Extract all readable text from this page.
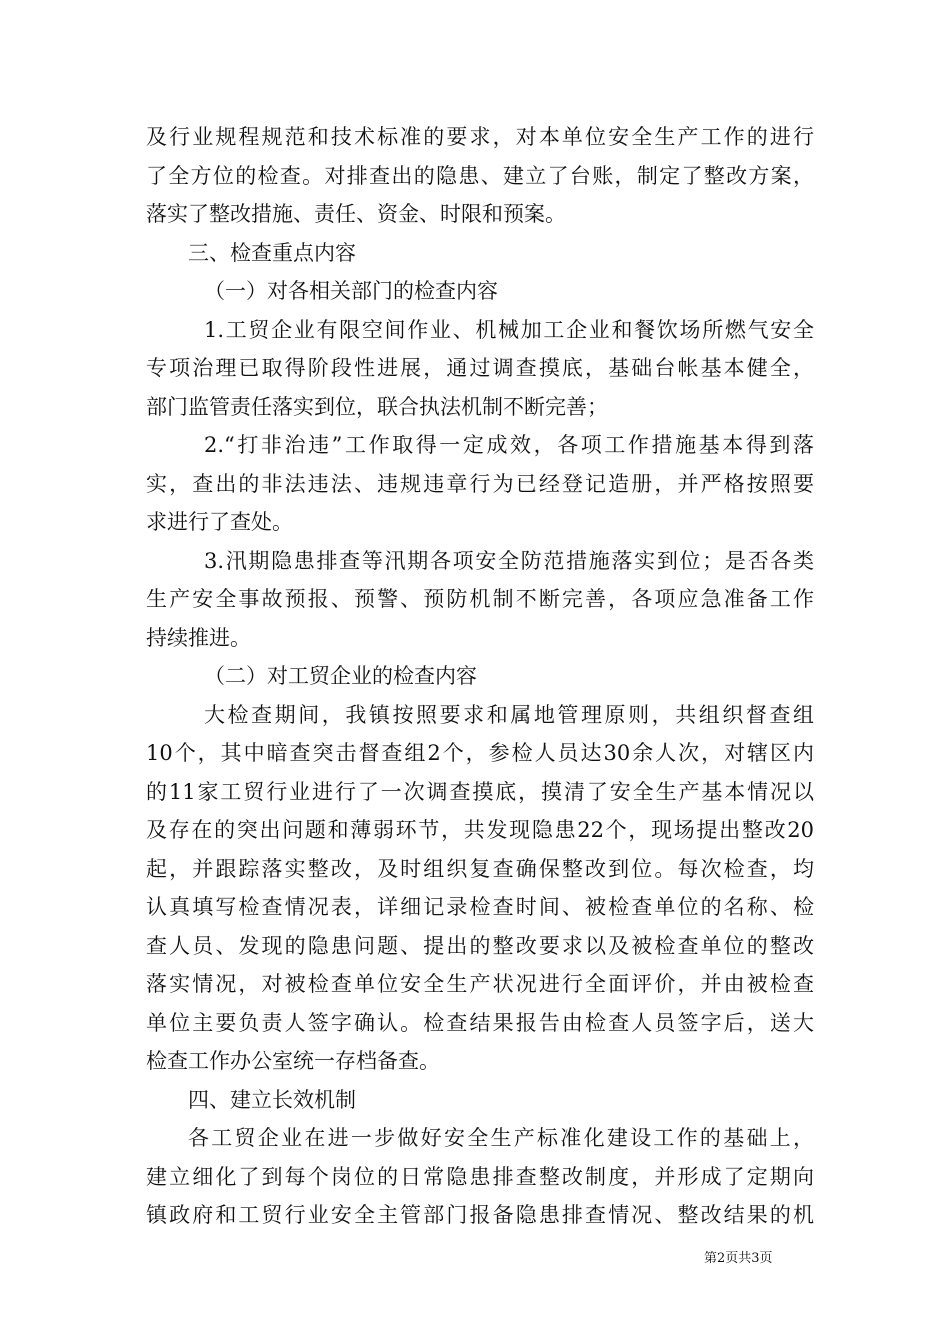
及行业规程规范和技术标准的要求，对本单位安全生产工作的进行
了全方位的检查。对排查出的隐患、建立了台账，制定了整改方案，
落实了整改措施、责任、资金、时限和预案。
三、检查重点内容
（一）对各相关部门的检查内容
1.工贸企业有限空间作业、机械加工企业和餐饮场所燃气安全
专项治理已取得阶段性进展，通过调查摸底，基础台帐基本健全，
部门监管责任落实到位，联合执法机制不断完善；
2.“打非治违”工作取得一定成效，各项工作措施基本得到落
实，查出的非法违法、违规违章行为已经登记造册，并严格按照要
求进行了查处。
3.汛期隐患排查等汛期各项安全防范措施落实到位；是否各类
生产安全事故预报、预警、预防机制不断完善，各项应急准备工作
持续推进。
（二）对工贸企业的检查内容
大检查期间，我镇按照要求和属地管理原则，共组织督查组
10个，其中暗查突击督查组2个，参检人员达30余人次，对辖区内
的11家工贸行业进行了一次调查摸底，摸清了安全生产基本情况以
及存在的突出问题和薄弱环节，共发现隐患22个，现场提出整改20
起，并跟踪落实整改，及时组织复查确保整改到位。每次检查，均
认真填写检查情况表，详细记录检查时间、被检查单位的名称、检
查人员、发现的隐患问题、提出的整改要求以及被检查单位的整改
落实情况，对被检查单位安全生产状况进行全面评价，并由被检查
单位主要负责人签字确认。检查结果报告由检查人员签字后，送大
检查工作办公室统一存档备查。
四、建立长效机制
各工贸企业在进一步做好安全生产标准化建设工作的基础上，
建立细化了到每个岗位的日常隐患排查整改制度，并形成了定期向
镇政府和工贸行业安全主管部门报备隐患排查情况、整改结果的机
第2页共3页
